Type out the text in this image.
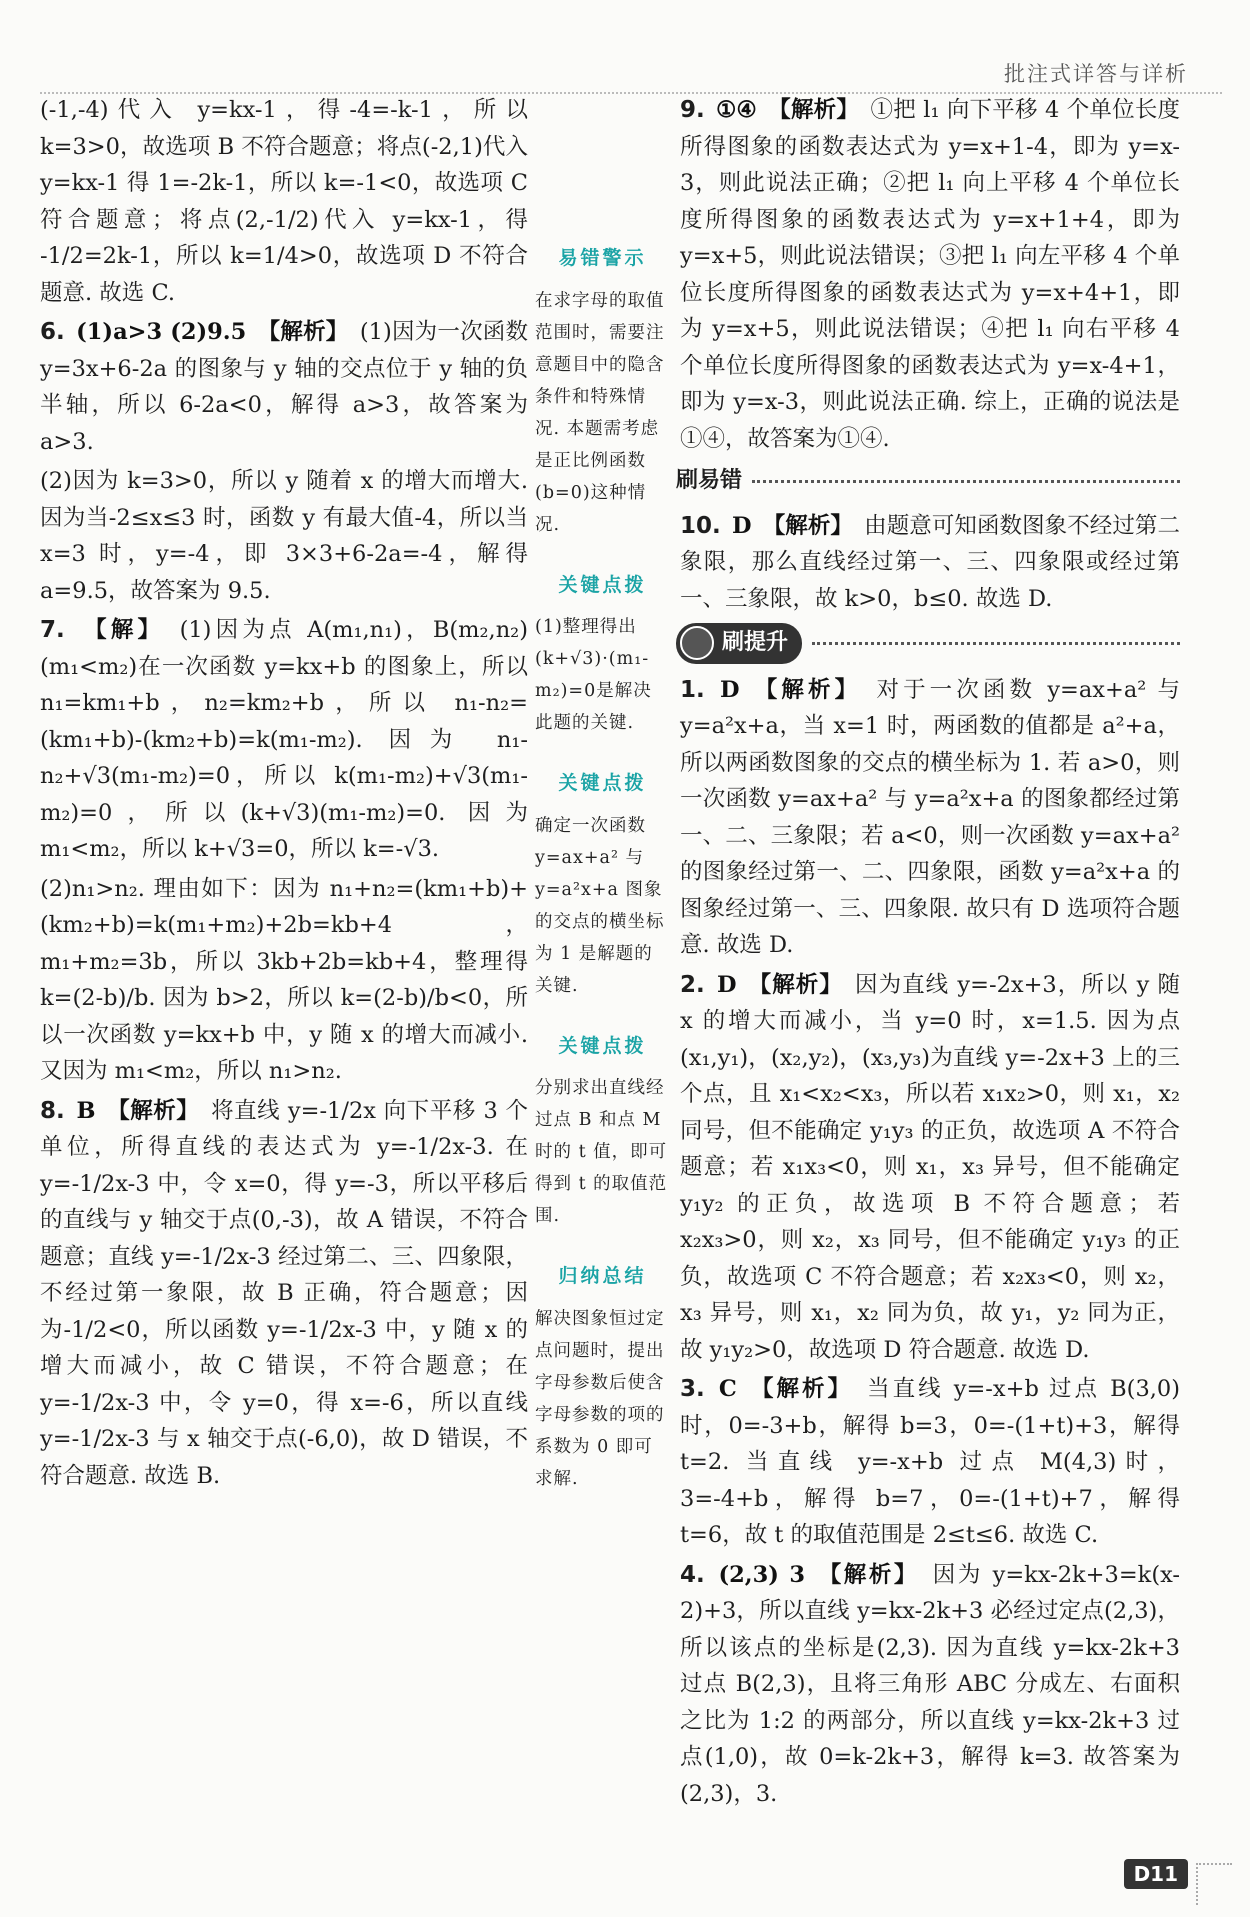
批注式详答与详析

(-1,-4)代入 y=kx-1，得-4=-k-1，所以 k=3>0，故选项 B 不符合题意；将点(-2,1)代入 y=kx-1 得 1=-2k-1，所以 k=-1<0，故选项 C 符合题意；将点(2,-1/2)代入 y=kx-1，得 -1/2=2k-1，所以 k=1/4>0，故选项 D 不符合题意. 故选 C.

6. (1)a>3 (2)9.5 【解析】 (1)因为一次函数 y=3x+6-2a 的图象与 y 轴的交点位于 y 轴的负半轴，所以 6-2a<0，解得 a>3，故答案为 a>3.

(2)因为 k=3>0，所以 y 随着 x 的增大而增大. 因为当-2≤x≤3 时，函数 y 有最大值-4，所以当 x=3 时，y=-4，即 3×3+6-2a=-4，解得 a=9.5，故答案为 9.5.

7. 【解】 (1)因为点 A(m₁,n₁)，B(m₂,n₂)(m₁<m₂)在一次函数 y=kx+b 的图象上，所以 n₁=km₁+b，n₂=km₂+b，所以 n₁-n₂=(km₁+b)-(km₂+b)=k(m₁-m₂). 因为 n₁-n₂+√3(m₁-m₂)=0，所以 k(m₁-m₂)+√3(m₁-m₂)=0，所以(k+√3)(m₁-m₂)=0. 因为 m₁<m₂，所以 k+√3=0，所以 k=-√3.

(2)n₁>n₂. 理由如下：因为 n₁+n₂=(km₁+b)+(km₂+b)=k(m₁+m₂)+2b=kb+4，m₁+m₂=3b，所以 3kb+2b=kb+4，整理得 k=(2-b)/b. 因为 b>2，所以 k=(2-b)/b<0，所以一次函数 y=kx+b 中，y 随 x 的增大而减小. 又因为 m₁<m₂，所以 n₁>n₂.

8. B 【解析】 将直线 y=-1/2x 向下平移 3 个单位，所得直线的表达式为 y=-1/2x-3. 在 y=-1/2x-3 中，令 x=0，得 y=-3，所以平移后的直线与 y 轴交于点(0,-3)，故 A 错误，不符合题意；直线 y=-1/2x-3 经过第二、三、四象限，不经过第一象限，故 B 正确，符合题意；因为-1/2<0，所以函数 y=-1/2x-3 中，y 随 x 的增大而减小，故 C 错误，不符合题意；在 y=-1/2x-3 中，令 y=0，得 x=-6，所以直线 y=-1/2x-3 与 x 轴交于点(-6,0)，故 D 错误，不符合题意. 故选 B.

易错警示
在求字母的取值范围时，需要注意题目中的隐含条件和特殊情况. 本题需考虑是正比例函数(b=0)这种情况.
关键点拨
(1)整理得出(k+√3)·(m₁-m₂)=0是解决此题的关键.
关键点拨
确定一次函数 y=ax+a² 与 y=a²x+a 图象的交点的横坐标为 1 是解题的关键.
关键点拨
分别求出直线经过点 B 和点 M 时的 t 值，即可得到 t 的取值范围.
归纳总结
解决图象恒过定点问题时，提出字母参数后使含字母参数的项的系数为 0 即可求解.

9. ①④ 【解析】 ①把 l₁ 向下平移 4 个单位长度所得图象的函数表达式为 y=x+1-4，即为 y=x-3，则此说法正确；②把 l₁ 向上平移 4 个单位长度所得图象的函数表达式为 y=x+1+4，即为 y=x+5，则此说法错误；③把 l₁ 向左平移 4 个单位长度所得图象的函数表达式为 y=x+4+1，即为 y=x+5，则此说法错误；④把 l₁ 向右平移 4 个单位长度所得图象的函数表达式为 y=x-4+1，即为 y=x-3，则此说法正确. 综上，正确的说法是①④，故答案为①④.

刷易错

10. D 【解析】 由题意可知函数图象不经过第二象限，那么直线经过第一、三、四象限或经过第一、三象限，故 k>0，b≤0. 故选 D.

刷提升

1. D 【解析】 对于一次函数 y=ax+a² 与 y=a²x+a，当 x=1 时，两函数的值都是 a²+a，所以两函数图象的交点的横坐标为 1. 若 a>0，则一次函数 y=ax+a² 与 y=a²x+a 的图象都经过第一、二、三象限；若 a<0，则一次函数 y=ax+a² 的图象经过第一、二、四象限，函数 y=a²x+a 的图象经过第一、三、四象限. 故只有 D 选项符合题意. 故选 D.

2. D 【解析】 因为直线 y=-2x+3，所以 y 随 x 的增大而减小，当 y=0 时，x=1.5. 因为点(x₁,y₁)，(x₂,y₂)，(x₃,y₃)为直线 y=-2x+3 上的三个点，且 x₁<x₂<x₃，所以若 x₁x₂>0，则 x₁，x₂ 同号，但不能确定 y₁y₃ 的正负，故选项 A 不符合题意；若 x₁x₃<0，则 x₁，x₃ 异号，但不能确定 y₁y₂ 的正负，故选项 B 不符合题意；若 x₂x₃>0，则 x₂，x₃ 同号，但不能确定 y₁y₃ 的正负，故选项 C 不符合题意；若 x₂x₃<0，则 x₂，x₃ 异号，则 x₁，x₂ 同为负，故 y₁，y₂ 同为正，故 y₁y₂>0，故选项 D 符合题意. 故选 D.

3. C 【解析】 当直线 y=-x+b 过点 B(3,0)时，0=-3+b，解得 b=3，0=-(1+t)+3，解得 t=2. 当直线 y=-x+b 过点 M(4,3)时，3=-4+b，解得 b=7，0=-(1+t)+7，解得 t=6，故 t 的取值范围是 2≤t≤6. 故选 C.

4. (2,3) 3 【解析】 因为 y=kx-2k+3=k(x-2)+3，所以直线 y=kx-2k+3 必经过定点(2,3)，所以该点的坐标是(2,3). 因为直线 y=kx-2k+3 过点 B(2,3)，且将三角形 ABC 分成左、右面积之比为 1:2 的两部分，所以直线 y=kx-2k+3 过点(1,0)，故 0=k-2k+3，解得 k=3. 故答案为(2,3)，3.

D11
